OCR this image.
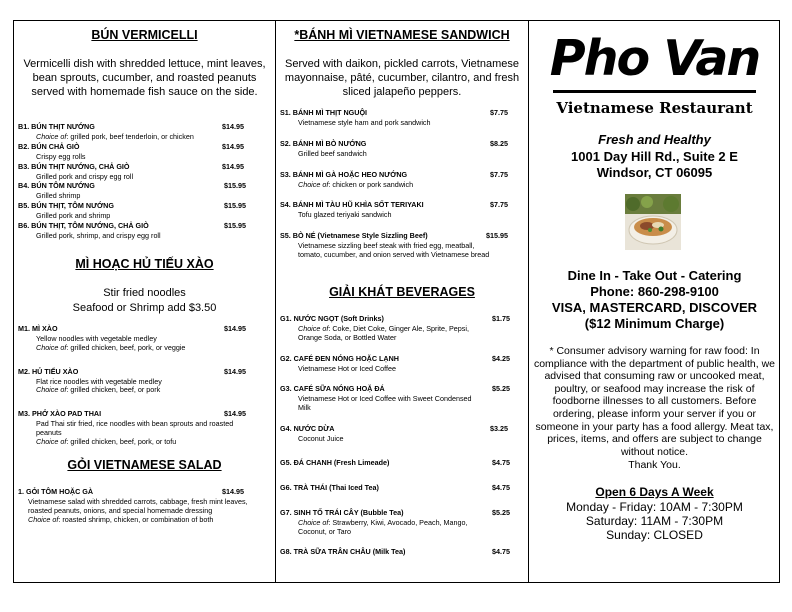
BÚN VERMICELLI
Vermicelli dish with shredded lettuce, mint leaves, bean sprouts, cucumber, and roasted peanuts served with homemade fish sauce on the side.
B1. BÚN THỊT NƯỚNG	$14.95
Choice of: grilled pork, beef tenderloin, or chicken
B2. BÚN CHẢ GIÒ	$14.95
Crispy egg rolls
B3. BÚN THỊT NƯỚNG, CHẢ GIÒ	$14.95
Grilled pork and crispy egg roll
B4. BÚN TÔM NƯỚNG	$15.95
Grilled shrimp
B5. BÚN THỊT, TÔM NƯỚNG	$15.95
Grilled pork and shrimp
B6. BÚN THỊT, TÔM NƯỚNG, CHẢ GIÒ	$15.95
Grilled pork, shrimp, and crispy egg roll
MÌ HOẠC HỦ TIẾU XÀO
Stir fried noodles
Seafood or Shrimp add $3.50
M1. MÌ XÀO	$14.95
Yellow noodles with vegetable medley
Choice of: grilled chicken, beef, pork, or veggie
M2. HỦ TIẾU XÀO	$14.95
Flat rice noodles with vegetable medley
Choice of: grilled chicken, beef, or pork
M3. PHỞ XÀO PAD THAI	$14.95
Pad Thai stir fried, rice noodles with bean sprouts and roasted peanuts
Choice of: grilled chicken, beef, pork, or tofu
GỎI VIETNAMESE SALAD
1. GỎI TÔM HOẶC GÀ	$14.95
Vietnamese salad with shredded carrots, cabbage, fresh mint leaves, roasted peanuts, onions, and special homemade dressing
Choice of: roasted shrimp, chicken, or combination of both
*BÁNH MÌ VIETNAMESE SANDWICH
Served with daikon, pickled carrots, Vietnamese mayonnaise, pâté, cucumber, cilantro, and fresh sliced jalapeño peppers.
S1. BÁNH MÌ THỊT NGUỘI	$7.75
Vietnamese style ham and pork sandwich
S2. BÁNH MÌ BÒ NƯỚNG	$8.25
Grilled beef sandwich
S3. BÁNH MÌ GÀ HOẶC HEO NƯỚNG	$7.75
Choice of: chicken or pork sandwich
S4. BÁNH MÌ TÀU HŨ KHÌA SỐT TERIYAKI	$7.75
Tofu glazed teriyaki sandwich
S5. BÒ NÉ (Vietnamese Style Sizzling Beef)	$15.95
Vietnamese sizzling beef steak with fried egg, meatball, tomato, cucumber, and onion served with Vietnamese bread
GIẢI KHÁT BEVERAGES
G1. NƯỚC NGỌT (Soft Drinks)	$1.75
Choice of: Coke, Diet Coke, Ginger Ale, Sprite, Pepsi, Orange Soda, or Bottled Water
G2. CAFÉ ĐEN NÓNG HOẶC LẠNH	$4.25
Vietnamese Hot or Iced Coffee
G3. CAFÉ SỮA NÓNG HOẶ ĐÁ	$5.25
Vietnamese Hot or Iced Coffee with Sweet Condensed Milk
G4. NƯỚC DỪA	$3.25
Coconut Juice
G5. ĐÁ CHANH (Fresh Limeade)	$4.75
G6. TRÀ THÁI (Thai Iced Tea)	$4.75
G7. SINH TỐ TRÁI CÂY (Bubble Tea)	$5.25
Choice of: Strawberry, Kiwi, Avocado, Peach, Mango, Coconut, or Taro
G8. TRÀ SỮA TRÂN CHÂU (Milk Tea)	$4.75
Pho Van
Vietnamese Restaurant
Fresh and Healthy
1001 Day Hill Rd., Suite 2 E
Windsor, CT 06095
Dine In - Take Out - Catering
Phone: 860-298-9100
VISA, MASTERCARD, DISCOVER
($12 Minimum Charge)
* Consumer advisory warning for raw food: In compliance with the department of public health, we advised that consuming raw or uncooked meat, poultry, or seafood may increase the risk of foodborne illnesses to all customers. Before ordering, please inform your server if you or someone in your party has a food allergy. Meat tax, prices, items, and offers are subject to change without notice.
Thank You.
Open 6 Days A Week
Monday - Friday: 10AM - 7:30PM
Saturday: 11AM - 7:30PM
Sunday: CLOSED
